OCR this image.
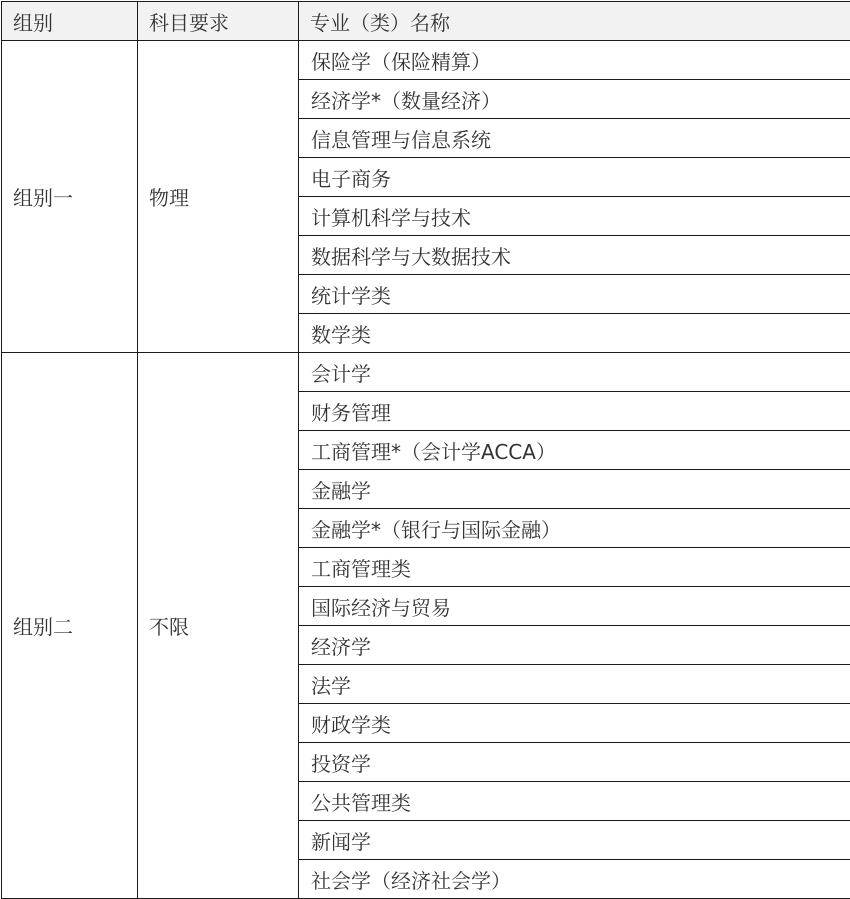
组别	科目要求	专业（类）名称
组别一	物理	保险学（保险精算）
		经济学*（数量经济）
		信息管理与信息系统
		电子商务
		计算机科学与技术
		数据科学与大数据技术
		统计学类
		数学类
组别二	不限	会计学
		财务管理
		工商管理*（会计学ACCA）
		金融学
		金融学*（银行与国际金融）
		工商管理类
		国际经济与贸易
		经济学
		法学
		财政学类
		投资学
		公共管理类
		新闻学
		社会学（经济社会学）
